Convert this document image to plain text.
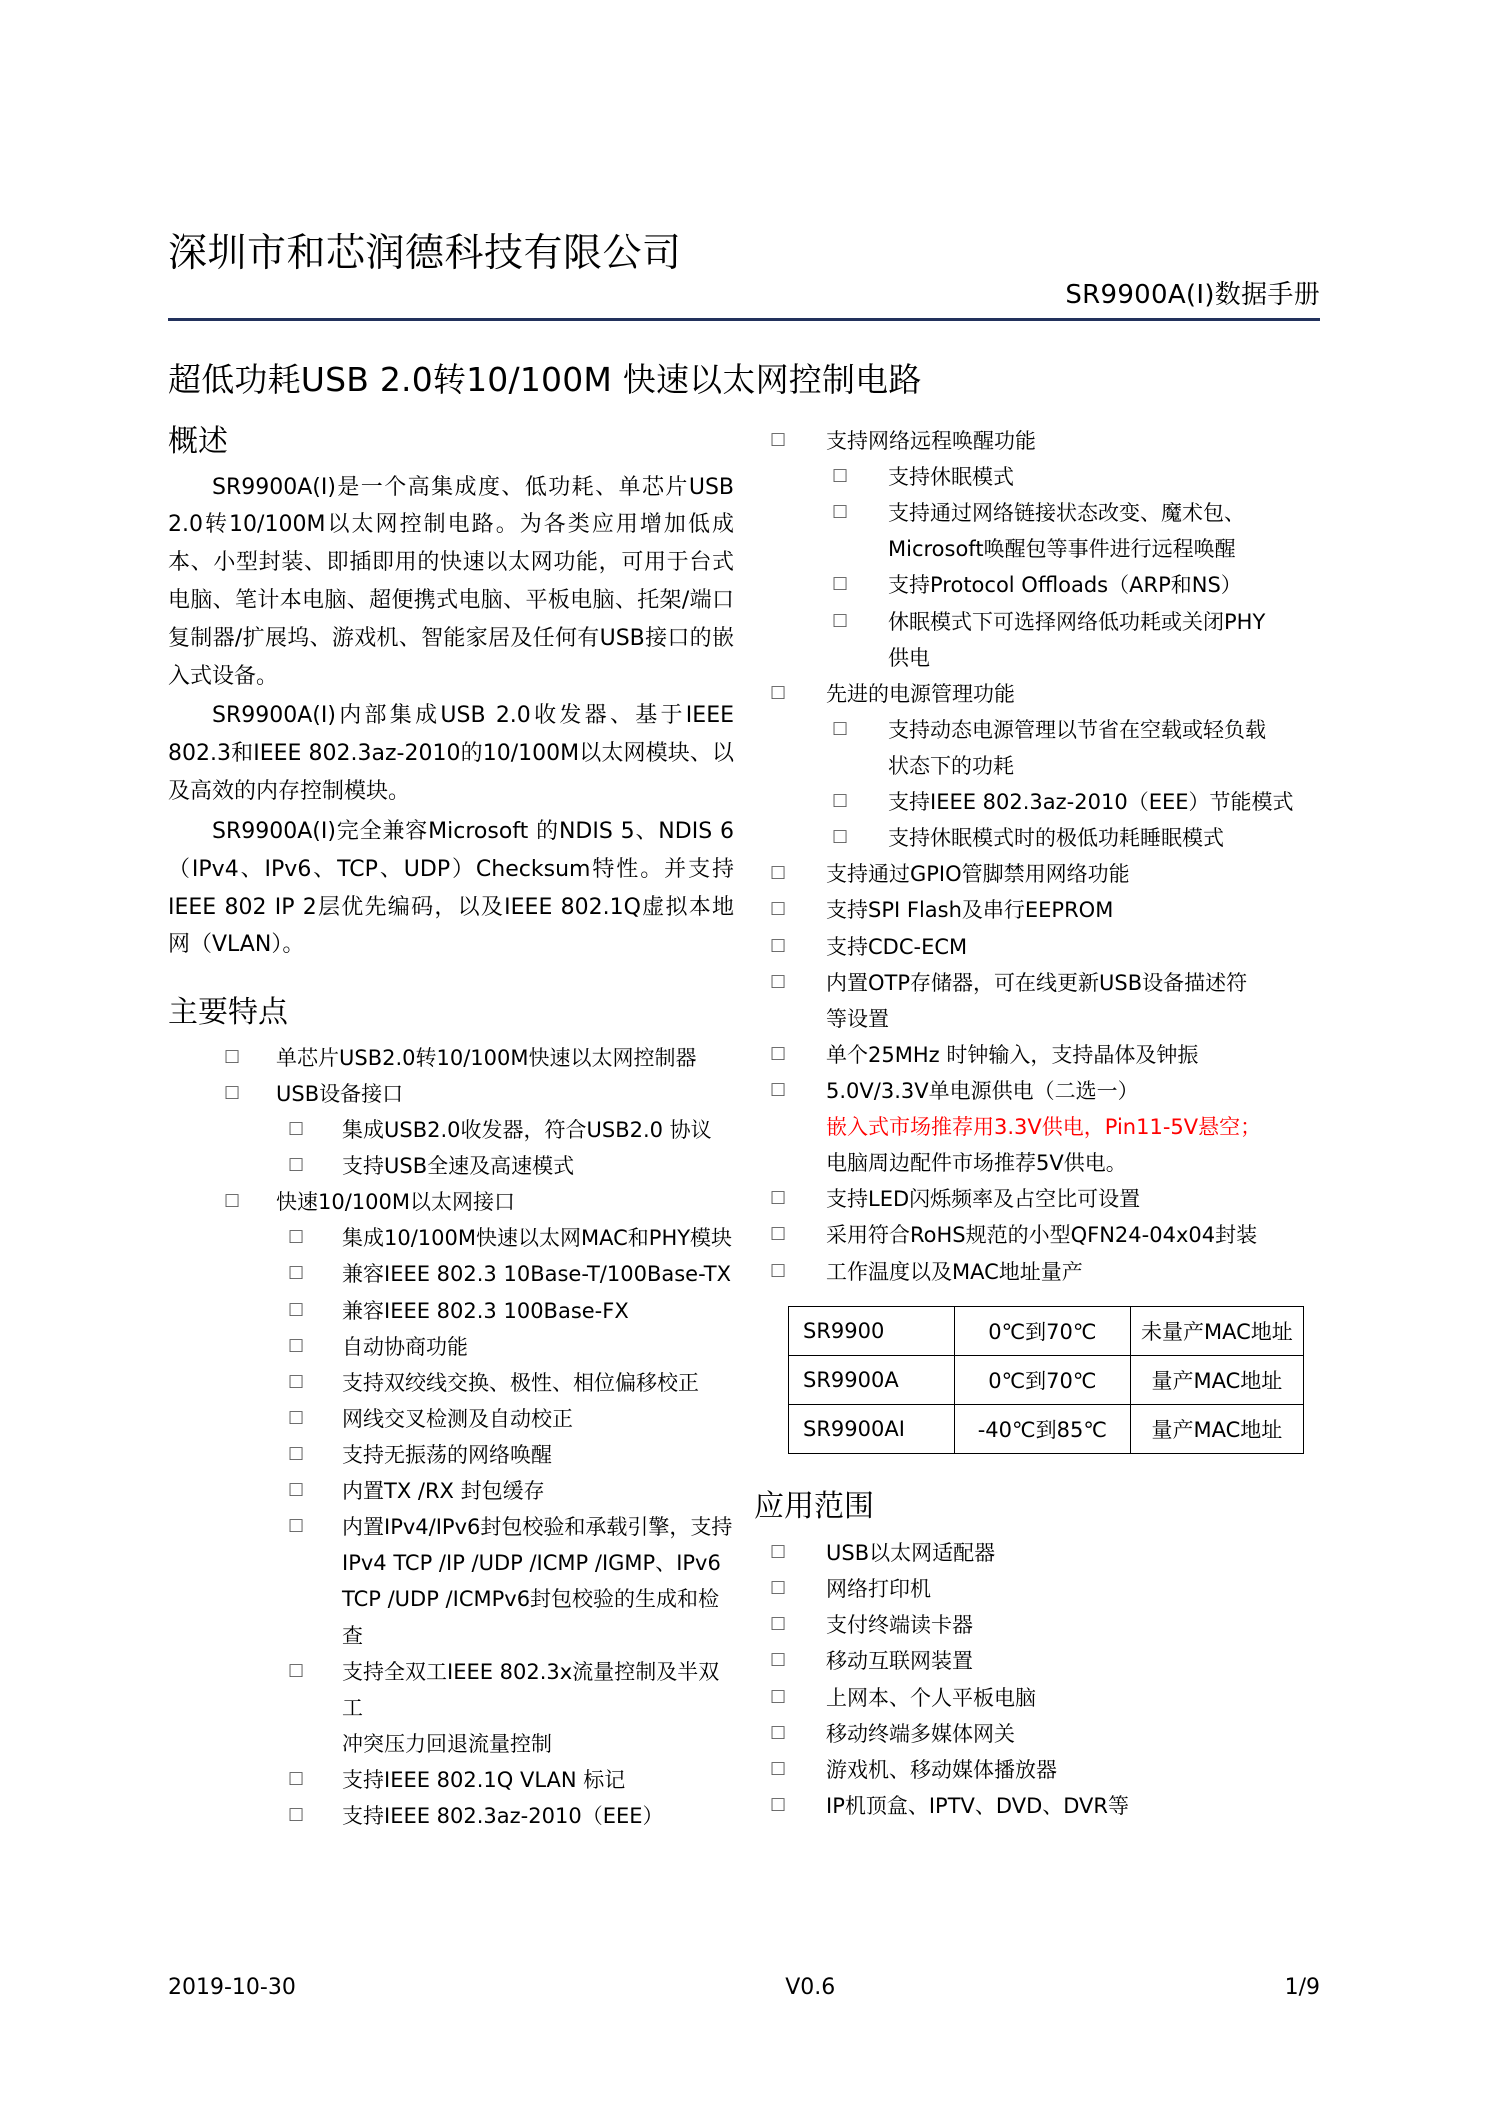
深圳市和芯润德科技有限公司
SR9900A(I)数据手册
超低功耗USB 2.0转10/100M 快速以太网控制电路
概述

SR9900A(I)是一个高集成度、低功耗、单芯片USB 2.0转10/100M以太网控制电路。为各类应用增加低成本、小型封装、即插即用的快速以太网功能，可用于台式电脑、笔计本电脑、超便携式电脑、平板电脑、托架/端口复制器/扩展坞、游戏机、智能家居及任何有USB接口的嵌入式设备。

SR9900A(I)内部集成USB 2.0收发器、基于IEEE 802.3和IEEE 802.3az-2010的10/100M以太网模块、以及高效的内存控制模块。

SR9900A(I)完全兼容Microsoft 的NDIS 5、NDIS 6（IPv4、IPv6、TCP、UDP）Checksum特性。并支持IEEE 802 IP 2层优先编码，以及IEEE 802.1Q虚拟本地网（VLAN）。

主要特点
□	单芯片USB2.0转10/100M快速以太网控制器
□	USB设备接口
□	集成USB2.0收发器，符合USB2.0 协议
□	支持USB全速及高速模式
□	快速10/100M以太网接口
□	集成10/100M快速以太网MAC和PHY模块
□	兼容IEEE 802.3 10Base-T/100Base-TX
□	兼容IEEE 802.3 100Base-FX
□	自动协商功能
□	支持双绞线交换、极性、相位偏移校正
□	网线交叉检测及自动校正
□	支持无振荡的网络唤醒
□	内置TX /RX 封包缓存
□	内置IPv4/IPv6封包校验和承载引擎，支持
IPv4 TCP /IP /UDP /ICMP /IGMP、IPv6
TCP /UDP /ICMPv6封包校验的生成和检查
□	支持全双工IEEE 802.3x流量控制及半双工
冲突压力回退流量控制
□	支持IEEE 802.1Q VLAN 标记
□	支持IEEE 802.3az-2010（EEE）
□	支持网络远程唤醒功能
□	支持休眠模式
□	支持通过网络链接状态改变、魔术包、
Microsoft唤醒包等事件进行远程唤醒
□	支持Protocol Offloads（ARP和NS）
□	休眠模式下可选择网络低功耗或关闭PHY
供电
□	先进的电源管理功能
□	支持动态电源管理以节省在空载或轻负载
状态下的功耗
□	支持IEEE 802.3az-2010（EEE）节能模式
□	支持休眠模式时的极低功耗睡眠模式
□	支持通过GPIO管脚禁用网络功能
□	支持SPI Flash及串行EEPROM
□	支持CDC-ECM
□	内置OTP存储器，可在线更新USB设备描述符
等设置
□	单个25MHz 时钟输入，支持晶体及钟振
□	5.0V/3.3V单电源供电（二选一）
嵌入式市场推荐用3.3V供电，Pin11-5V悬空；
电脑周边配件市场推荐5V供电。
□	支持LED闪烁频率及占空比可设置
□	采用符合RoHS规范的小型QFN24-04x04封装
□	工作温度以及MAC地址量产
SR9900	0℃到70℃	未量产MAC地址
SR9900A	0℃到70℃	量产MAC地址
SR9900AI	-40℃到85℃	量产MAC地址
应用范围
□	USB以太网适配器
□	网络打印机
□	支付终端读卡器
□	移动互联网装置
□	上网本、个人平板电脑
□	移动终端多媒体网关
□	游戏机、移动媒体播放器
□	IP机顶盒、IPTV、DVD、DVR等
2019-10-30	V0.6	1/9
